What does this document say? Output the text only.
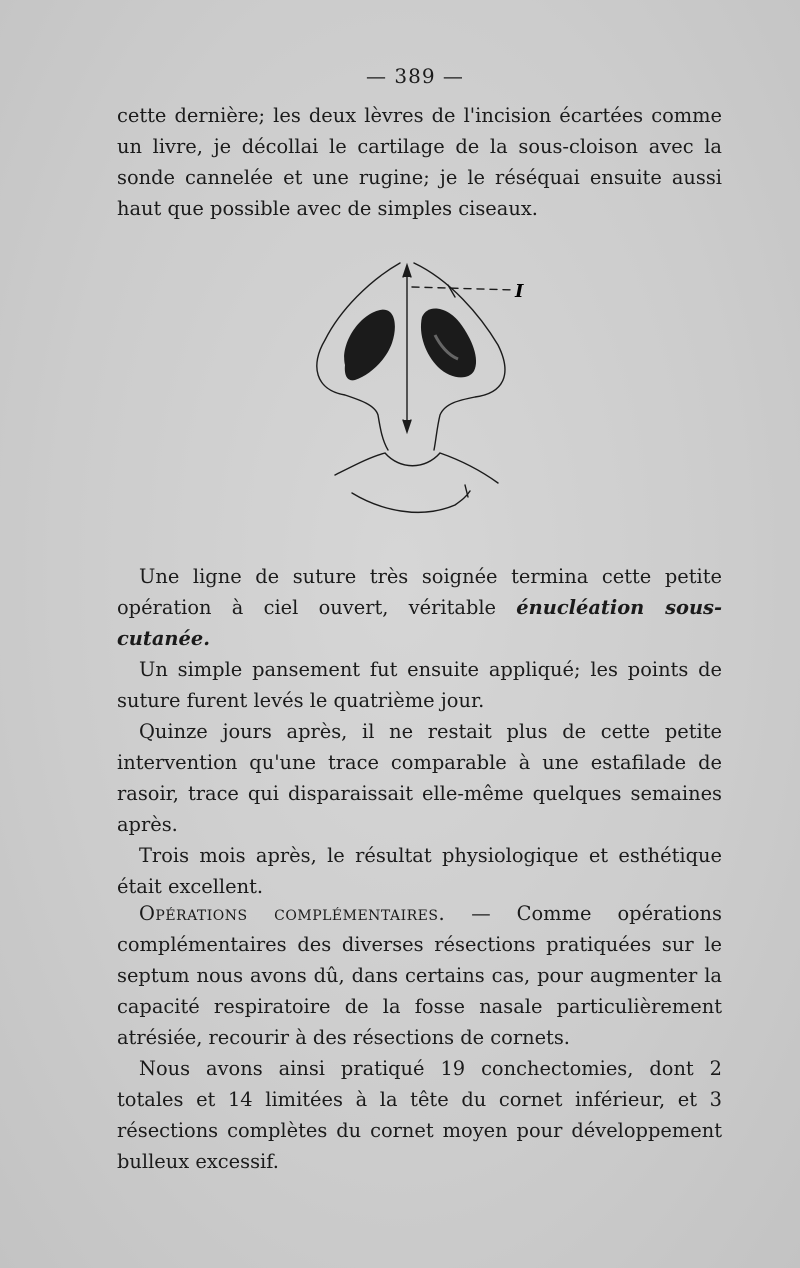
— 389 —

cette dernière; les deux lèvres de l'incision écartées comme un livre, je décollai le cartilage de la sous-cloison avec la sonde cannelée et une rugine; je le réséquai ensuite aussi haut que possible avec de simples ciseaux.

I

Une ligne de suture très soignée termina cette petite opération à ciel ouvert, véritable énucléation sous-cutanée.

Un simple pansement fut ensuite appliqué; les points de suture furent levés le quatrième jour.

Quinze jours après, il ne restait plus de cette petite intervention qu'une trace comparable à une estafilade de rasoir, trace qui disparaissait elle-même quelques semaines après.

Trois mois après, le résultat physiologique et esthétique était excellent.

Opérations complémentaires. — Comme opérations complémentaires des diverses résections pratiquées sur le septum nous avons dû, dans certains cas, pour augmenter la capacité respiratoire de la fosse nasale particulièrement atrésiée, recourir à des résections de cornets.

Nous avons ainsi pratiqué 19 conchectomies, dont 2 totales et 14 limitées à la tête du cornet inférieur, et 3 résections complètes du cornet moyen pour développement bulleux excessif.
